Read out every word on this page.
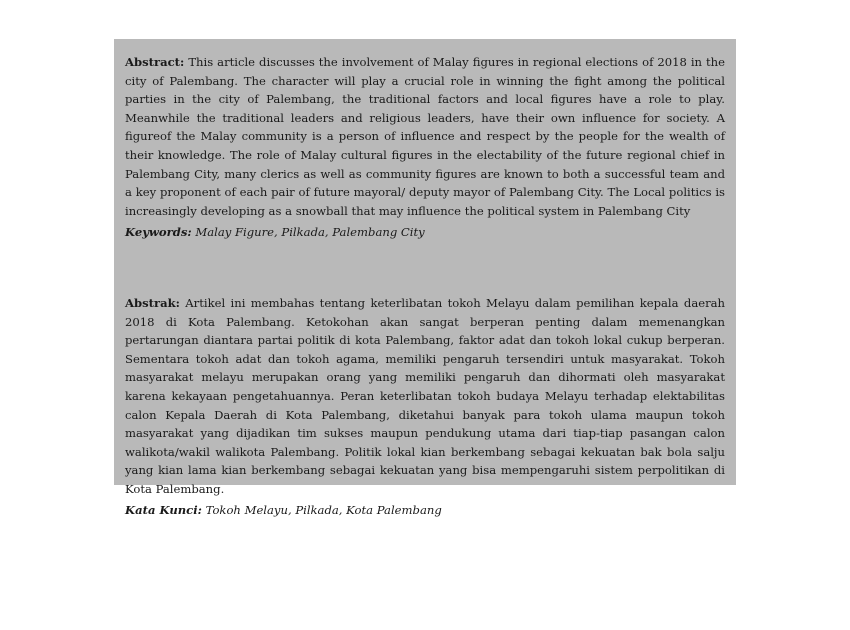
Abstract: This article discusses the involvement of Malay figures in regional elections of 2018 in the city of Palembang. The character will play a crucial role in winning the fight among the political parties in the city of Palembang, the traditional factors and local figures have a role to play. Meanwhile the traditional leaders and religious leaders, have their own influence for society. A figureof the Malay community is a person of influence and respect by the people for the wealth of their knowledge. The role of Malay cultural figures in the electability of the future regional chief in Palembang City, many clerics as well as community figures are known to both a successful team and a key proponent of each pair of future mayoral/ deputy mayor of Palembang City. The Local politics is increasingly developing as a snowball that may influence the political system in Palembang City

Keywords: Malay Figure, Pilkada, Palembang City

Abstrak: Artikel ini membahas tentang keterlibatan tokoh Melayu dalam pemilihan kepala daerah 2018 di Kota Palembang. Ketokohan akan sangat berperan penting dalam memenangkan pertarungan diantara partai politik di kota Palembang, faktor adat dan tokoh lokal cukup berperan. Sementara tokoh adat dan tokoh agama, memiliki pengaruh tersendiri untuk masyarakat. Tokoh masyarakat melayu merupakan orang yang memiliki pengaruh dan dihormati oleh masyarakat karena kekayaan pengetahuannya. Peran keterlibatan tokoh budaya Melayu terhadap elektabilitas calon Kepala Daerah di Kota Palembang, diketahui banyak para tokoh ulama maupun tokoh masyarakat yang dijadikan tim sukses maupun pendukung utama dari tiap-tiap pasangan calon walikota/wakil walikota Palembang. Politik lokal kian berkembang sebagai kekuatan bak bola salju yang kian lama kian berkembang sebagai kekuatan yang bisa mempengaruhi sistem perpolitikan di Kota Palembang.

Kata Kunci: Tokoh Melayu, Pilkada, Kota Palembang
